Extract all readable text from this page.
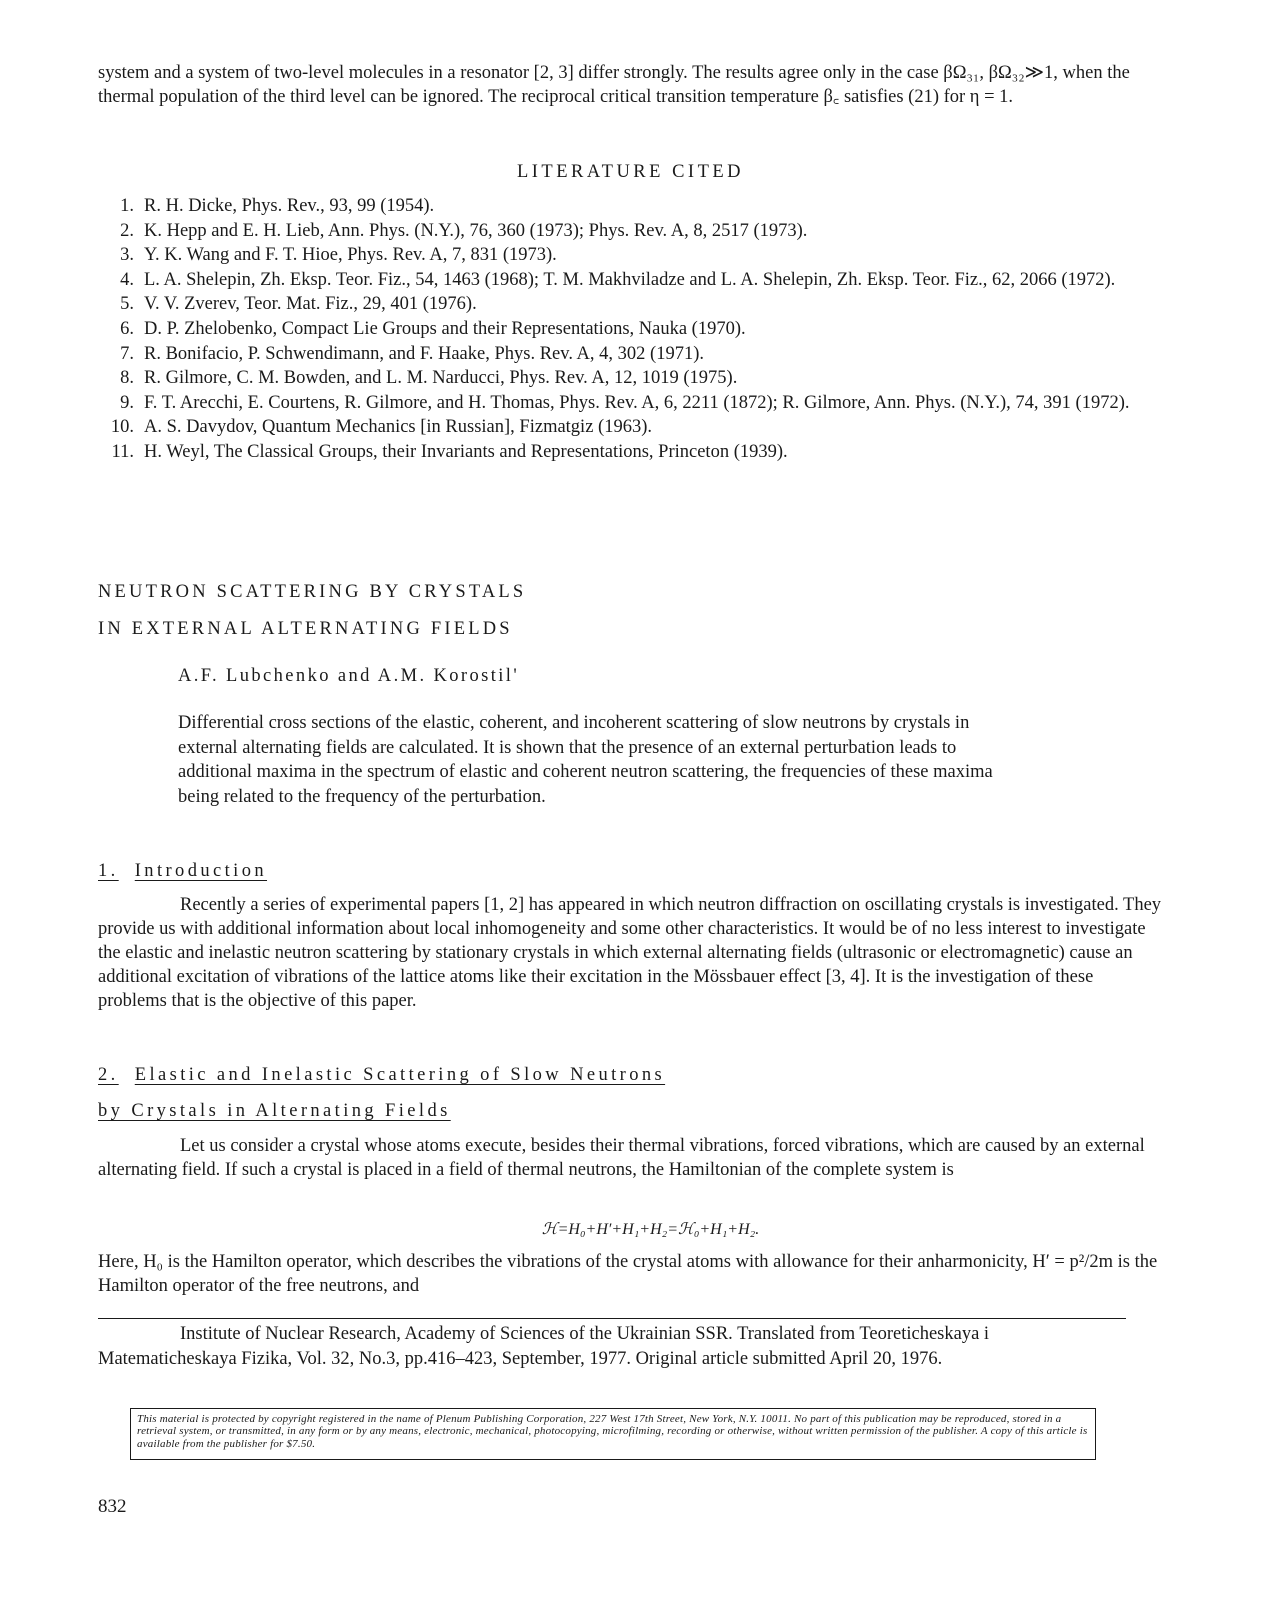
system and a system of two-level molecules in a resonator [2, 3] differ strongly. The results agree only in the case βΩ₃₁, βΩ₃₂≫1, when the thermal population of the third level can be ignored. The reciprocal critical transition temperature β꜀ satisfies (21) for η = 1.

LITERATURE CITED
1. R. H. Dicke, Phys. Rev., 93, 99 (1954).
2. K. Hepp and E. H. Lieb, Ann. Phys. (N.Y.), 76, 360 (1973); Phys. Rev. A, 8, 2517 (1973).
3. Y. K. Wang and F. T. Hioe, Phys. Rev. A, 7, 831 (1973).
4. L. A. Shelepin, Zh. Eksp. Teor. Fiz., 54, 1463 (1968); T. M. Makhviladze and L. A. Shelepin, Zh. Eksp. Teor. Fiz., 62, 2066 (1972).
5. V. V. Zverev, Teor. Mat. Fiz., 29, 401 (1976).
6. D. P. Zhelobenko, Compact Lie Groups and their Representations, Nauka (1970).
7. R. Bonifacio, P. Schwendimann, and F. Haake, Phys. Rev. A, 4, 302 (1971).
8. R. Gilmore, C. M. Bowden, and L. M. Narducci, Phys. Rev. A, 12, 1019 (1975).
9. F. T. Arecchi, E. Courtens, R. Gilmore, and H. Thomas, Phys. Rev. A, 6, 2211 (1872); R. Gilmore, Ann. Phys. (N.Y.), 74, 391 (1972).
10. A. S. Davydov, Quantum Mechanics [in Russian], Fizmatgiz (1963).
11. H. Weyl, The Classical Groups, their Invariants and Representations, Princeton (1939).
NEUTRON SCATTERING BY CRYSTALS
IN EXTERNAL ALTERNATING FIELDS
A.F. Lubchenko and A.M. Korostil'

Differential cross sections of the elastic, coherent, and incoherent scattering of slow neutrons by crystals in external alternating fields are calculated. It is shown that the presence of an external perturbation leads to additional maxima in the spectrum of elastic and coherent neutron scattering, the frequencies of these maxima being related to the frequency of the perturbation.

1. Introduction

Recently a series of experimental papers [1, 2] has appeared in which neutron diffraction on oscillating crystals is investigated. They provide us with additional information about local inhomogeneity and some other characteristics. It would be of no less interest to investigate the elastic and inelastic neutron scattering by stationary crystals in which external alternating fields (ultrasonic or electromagnetic) cause an additional excitation of vibrations of the lattice atoms like their excitation in the Mössbauer effect [3, 4]. It is the investigation of these problems that is the objective of this paper.

2. Elastic and Inelastic Scattering of Slow Neutrons
by Crystals in Alternating Fields

Let us consider a crystal whose atoms execute, besides their thermal vibrations, forced vibrations, which are caused by an external alternating field. If such a crystal is placed in a field of thermal neutrons, the Hamiltonian of the complete system is

ℋ=H₀+H′+H₁+H₂=ℋ₀+H₁+H₂.

Here, H₀ is the Hamilton operator, which describes the vibrations of the crystal atoms with allowance for their anharmonicity, H′ = p²/2m is the Hamilton operator of the free neutrons, and

Institute of Nuclear Research, Academy of Sciences of the Ukrainian SSR. Translated from Teoreticheskaya i Matematicheskaya Fizika, Vol. 32, No.3, pp.416–423, September, 1977. Original article submitted April 20, 1976.

This material is protected by copyright registered in the name of Plenum Publishing Corporation, 227 West 17th Street, New York, N.Y. 10011. No part of this publication may be reproduced, stored in a retrieval system, or transmitted, in any form or by any means, electronic, mechanical, photocopying, microfilming, recording or otherwise, without written permission of the publisher. A copy of this article is available from the publisher for $7.50.

832
